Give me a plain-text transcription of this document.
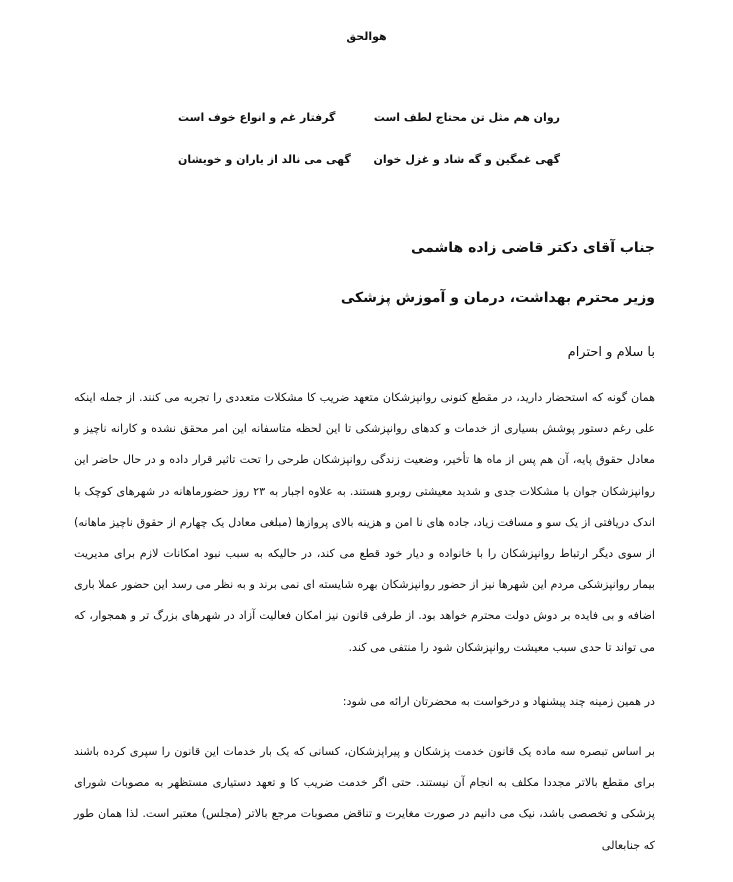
هوالحق
روان هم مثل تن محتاج لطف است
گرفتار غم و انواع خوف است
گهی غمگین و گه شاد و غزل خوان
گهی می نالد از یاران و خویشان
جناب آقای دکتر قاضی زاده هاشمی
وزیر محترم بهداشت، درمان و آموزش پزشکی
با سلام و احترام
همان گونه که استحضار دارید، در مقطع کنونی روانپزشکان متعهد ضریب کا مشکلات متعددی را تجربه می کنند. از جمله اینکه علی رغم دستور پوشش بسیاری از خدمات و کدهای روانپزشکی تا این لحظه متاسفانه این امر محقق نشده و کارانه ناچیز و معادل حقوق پایه، آن هم پس از ماه ها تأخیر، وضعیت زندگی روانپزشکان طرحی را تحت تاثیر قرار داده و در حال حاضر این روانپزشکان جوان با مشکلات جدی و شدید معیشتی روبرو هستند. به علاوه اجبار به ۲۳ روز حضورماهانه در شهرهای کوچک با اندک دریافتی از یک سو و مسافت زیاد، جاده های نا امن و هزینه بالای پروازها (مبلغی معادل یک چهارم از حقوق ناچیز ماهانه) از سوی دیگر ارتباط روانپزشکان را با خانواده و دیار خود قطع می کند، در حالیکه به سبب نبود امکانات لازم برای مدیریت بیمار روانپزشکی مردم این شهرها نیز از حضور روانپزشکان بهره شایسته ای نمی برند و به نظر می رسد این حضور عملا باری اضافه و بی فایده بر دوش دولت محترم خواهد بود. از طرفی قانون نیز امکان فعالیت آزاد در شهرهای بزرگ تر و همجوار، که می تواند تا حدی سبب معیشت روانپزشکان شود را منتفی می کند.
در همین زمینه چند پیشنهاد و درخواست به محضرتان ارائه می شود:
بر اساس تبصره سه ماده یک قانون خدمت پزشکان و پیراپزشکان، کسانی که یک بار خدمات این قانون را سپری کرده باشند برای مقطع بالاتر مجددا مکلف به انجام آن نیستند. حتی اگر خدمت ضریب کا و تعهد دستیاری مستظهر به مصوبات شورای پزشکی و تخصصی باشد، نیک می دانیم در صورت مغایرت و تناقض مصوبات مرجع بالاتر (مجلس) معتبر است. لذا همان طور که جنابعالی
